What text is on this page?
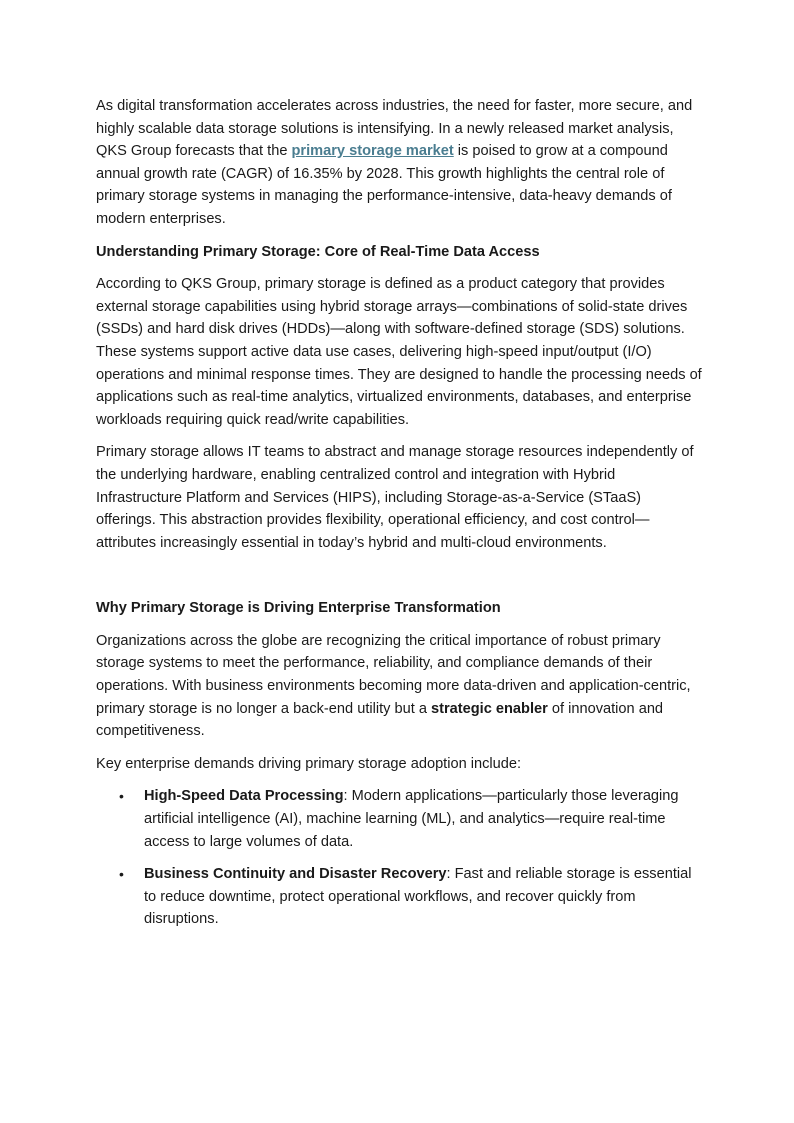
As digital transformation accelerates across industries, the need for faster, more secure, and highly scalable data storage solutions is intensifying. In a newly released market analysis, QKS Group forecasts that the primary storage market is poised to grow at a compound annual growth rate (CAGR) of 16.35% by 2028. This growth highlights the central role of primary storage systems in managing the performance-intensive, data-heavy demands of modern enterprises.

Understanding Primary Storage: Core of Real-Time Data Access

According to QKS Group, primary storage is defined as a product category that provides external storage capabilities using hybrid storage arrays—combinations of solid-state drives (SSDs) and hard disk drives (HDDs)—along with software-defined storage (SDS) solutions. These systems support active data use cases, delivering high-speed input/output (I/O) operations and minimal response times. They are designed to handle the processing needs of applications such as real-time analytics, virtualized environments, databases, and enterprise workloads requiring quick read/write capabilities.

Primary storage allows IT teams to abstract and manage storage resources independently of the underlying hardware, enabling centralized control and integration with Hybrid Infrastructure Platform and Services (HIPS), including Storage-as-a-Service (STaaS) offerings. This abstraction provides flexibility, operational efficiency, and cost control—attributes increasingly essential in today’s hybrid and multi-cloud environments.

Why Primary Storage is Driving Enterprise Transformation

Organizations across the globe are recognizing the critical importance of robust primary storage systems to meet the performance, reliability, and compliance demands of their operations. With business environments becoming more data-driven and application-centric, primary storage is no longer a back-end utility but a strategic enabler of innovation and competitiveness.

Key enterprise demands driving primary storage adoption include:

• High-Speed Data Processing: Modern applications—particularly those leveraging artificial intelligence (AI), machine learning (ML), and analytics—require real-time access to large volumes of data.
• Business Continuity and Disaster Recovery: Fast and reliable storage is essential to reduce downtime, protect operational workflows, and recover quickly from disruptions.
